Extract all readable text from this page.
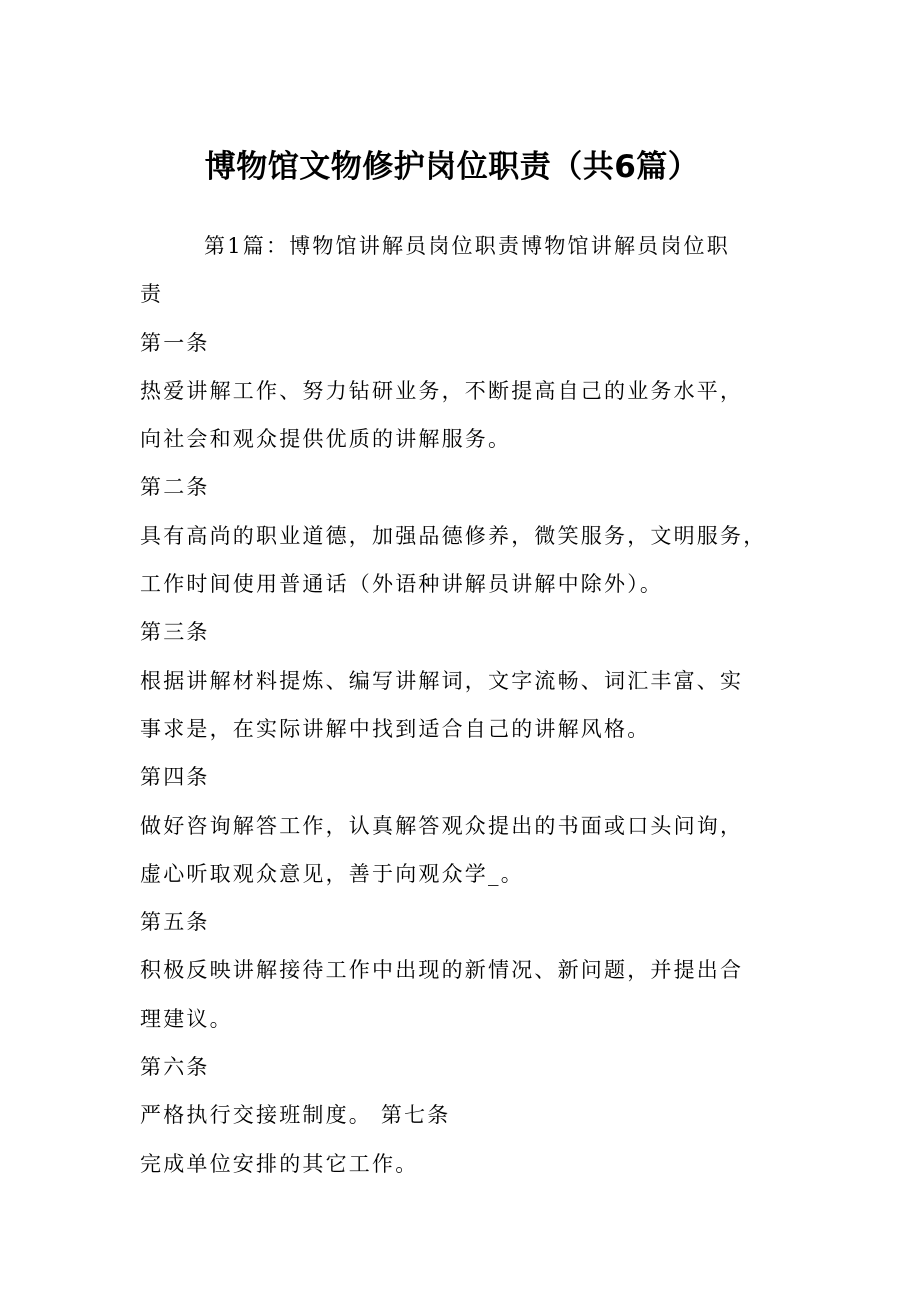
博物馆文物修护岗位职责（共6篇）
第1篇：博物馆讲解员岗位职责博物馆讲解员岗位职
责
第一条
热爱讲解工作、努力钻研业务，不断提高自己的业务水平，
向社会和观众提供优质的讲解服务。
第二条
具有高尚的职业道德，加强品德修养，微笑服务，文明服务，
工作时间使用普通话（外语种讲解员讲解中除外）。
第三条
根据讲解材料提炼、编写讲解词，文字流畅、词汇丰富、实
事求是，在实际讲解中找到适合自己的讲解风格。
第四条
做好咨询解答工作，认真解答观众提出的书面或口头问询，
虚心听取观众意见，善于向观众学_。
第五条
积极反映讲解接待工作中出现的新情况、新问题，并提出合
理建议。
第六条
严格执行交接班制度。 第七条
完成单位安排的其它工作。
